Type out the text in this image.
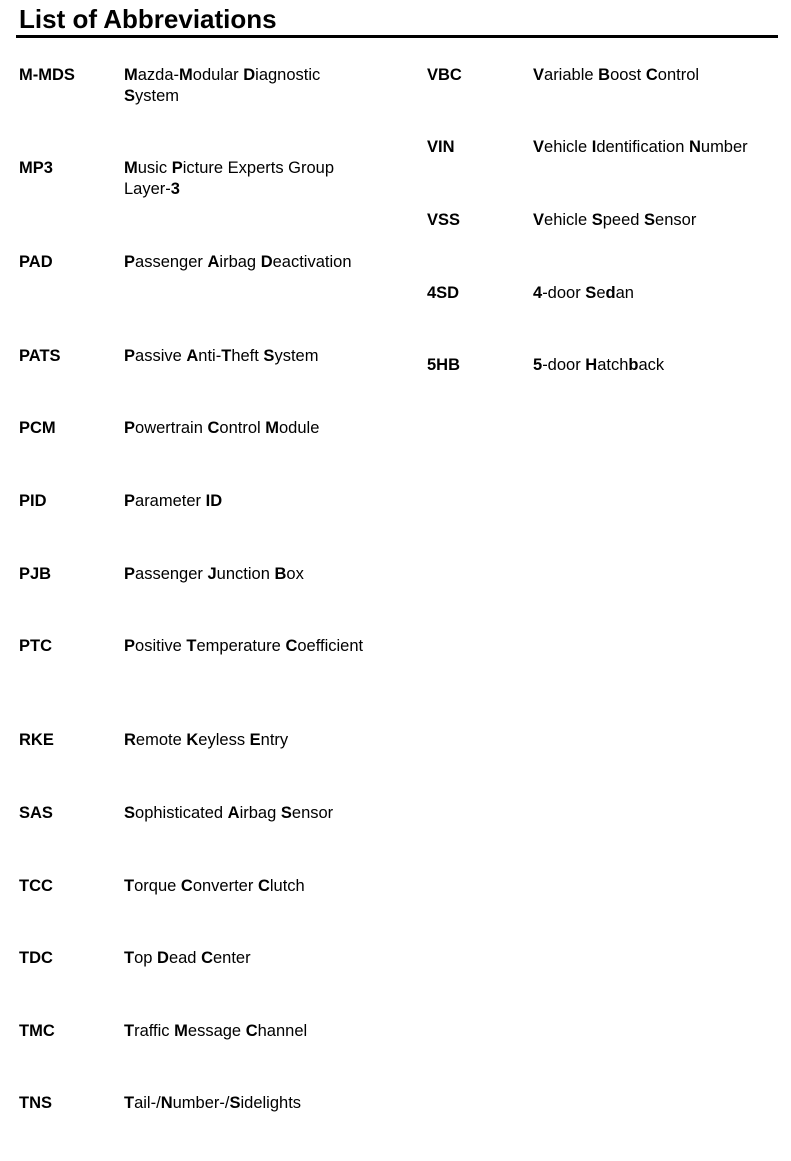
List of Abbreviations
M-MDS	Mazda-Modular Diagnostic System
MP3	Music Picture Experts Group Layer-3
PAD	Passenger Airbag Deactivation
PATS	Passive Anti-Theft System
PCM	Powertrain Control Module
PID	Parameter ID
PJB	Passenger Junction Box
PTC	Positive Temperature Coefficient
RKE	Remote Keyless Entry
SAS	Sophisticated Airbag Sensor
TCC	Torque Converter Clutch
TDC	Top Dead Center
TMC	Traffic Message Channel
TNS	Tail-/Number-/Sidelights
VBC	Variable Boost Control
VIN	Vehicle Identification Number
VSS	Vehicle Speed Sensor
4SD	4-door Sedan
5HB	5-door Hatchback
